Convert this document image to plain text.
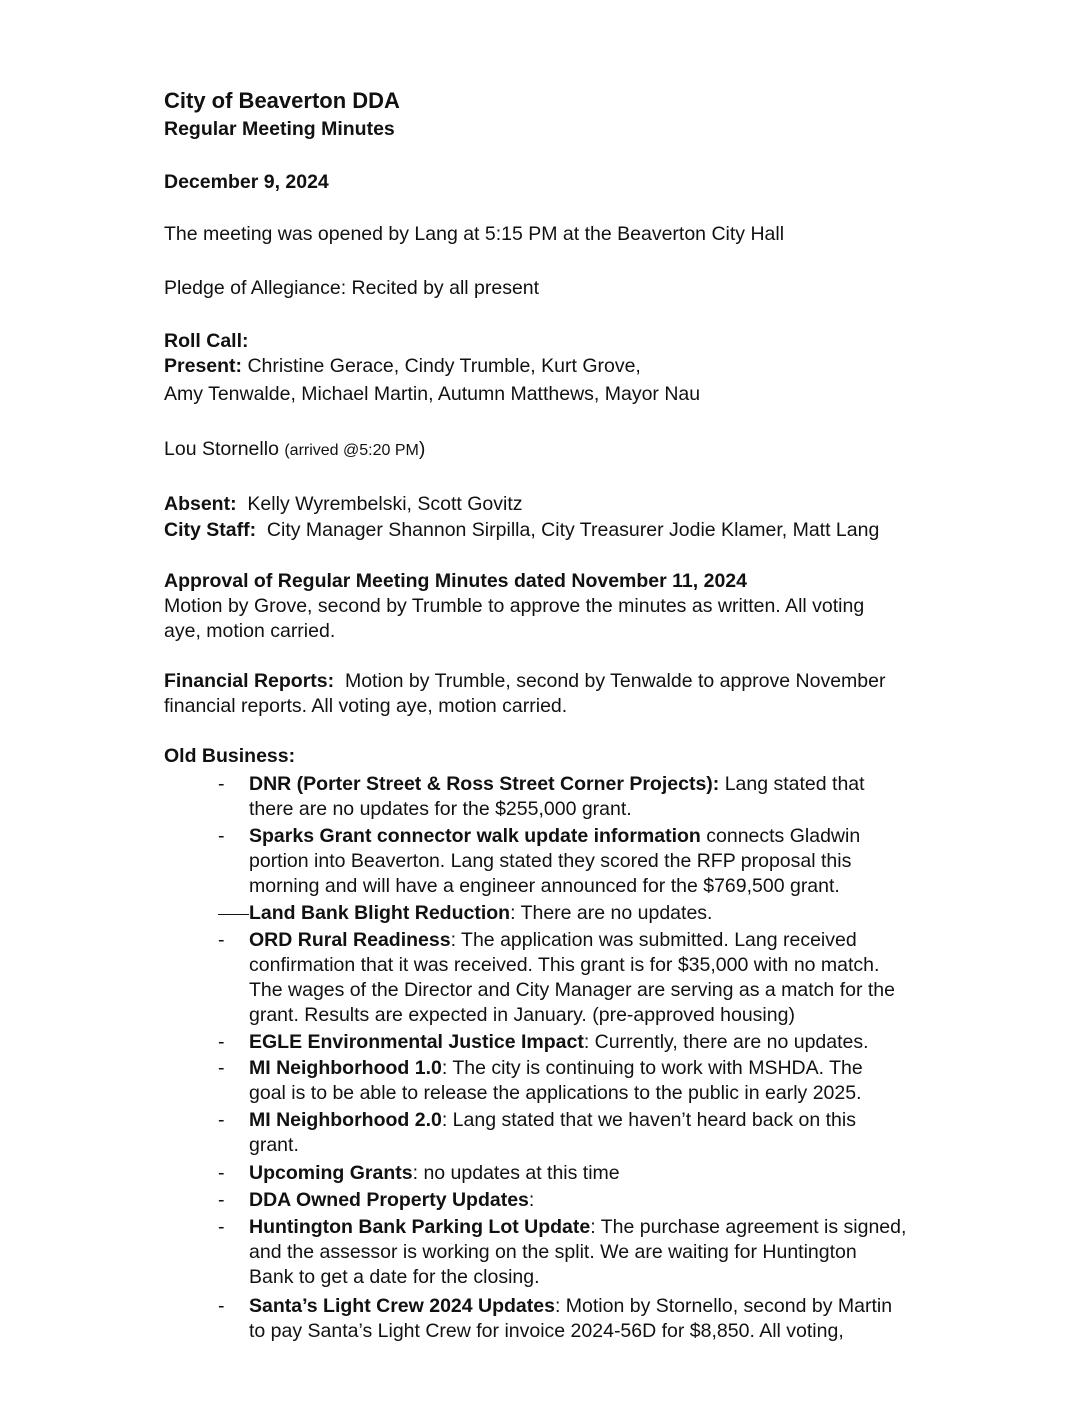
City of Beaverton DDA
Regular Meeting Minutes
December 9, 2024
The meeting was opened by Lang at 5:15 PM at the Beaverton City Hall
Pledge of Allegiance: Recited by all present
Roll Call:
Present: Christine Gerace, Cindy Trumble, Kurt Grove,
Amy Tenwalde, Michael Martin, Autumn Matthews, Mayor Nau
Lou Stornello (arrived @5:20 PM)
Absent:  Kelly Wyrembelski, Scott Govitz
City Staff:  City Manager Shannon Sirpilla, City Treasurer Jodie Klamer, Matt Lang
Approval of Regular Meeting Minutes dated November 11, 2024
Motion by Grove, second by Trumble to approve the minutes as written. All voting
aye, motion carried.
Financial Reports:  Motion by Trumble, second by Tenwalde to approve November
financial reports. All voting aye, motion carried.
Old Business:
- DNR (Porter Street & Ross Street Corner Projects): Lang stated that
there are no updates for the $255,000 grant.
- Sparks Grant connector walk update information connects Gladwin
portion into Beaverton. Lang stated they scored the RFP proposal this
morning and will have a engineer announced for the $769,500 grant.
Land Bank Blight Reduction: There are no updates.
- ORD Rural Readiness: The application was submitted. Lang received
confirmation that it was received. This grant is for $35,000 with no match.
The wages of the Director and City Manager are serving as a match for the
grant. Results are expected in January. (pre-approved housing)
- EGLE Environmental Justice Impact: Currently, there are no updates.
- MI Neighborhood 1.0: The city is continuing to work with MSHDA. The
goal is to be able to release the applications to the public in early 2025.
- MI Neighborhood 2.0: Lang stated that we haven’t heard back on this
grant.
- Upcoming Grants: no updates at this time
- DDA Owned Property Updates:
- Huntington Bank Parking Lot Update: The purchase agreement is signed,
and the assessor is working on the split. We are waiting for Huntington
Bank to get a date for the closing.
- Santa’s Light Crew 2024 Updates: Motion by Stornello, second by Martin
to pay Santa’s Light Crew for invoice 2024-56D for $8,850. All voting,
